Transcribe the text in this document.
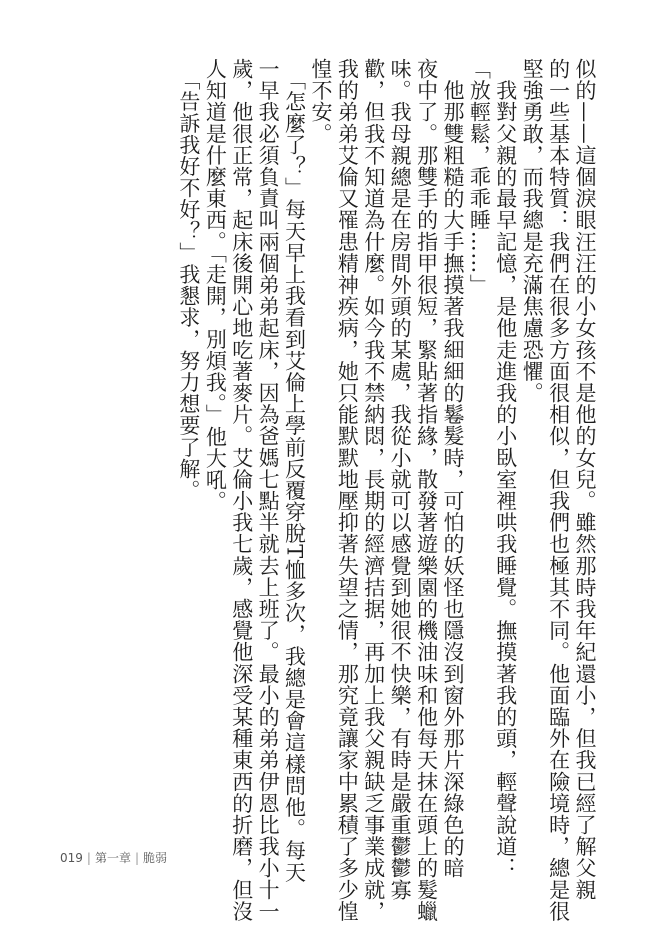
似的——這個淚眼汪汪的小女孩不是他的女兒。雖然那時我年紀還小，但我已經了解父親

的一些基本特質：我們在很多方面很相似，但我們也極其不同。他面臨外在險境時，總是很

堅強勇敢，而我總是充滿焦慮恐懼。

　我對父親的最早記憶，是他走進我的小臥室裡哄我睡覺。撫摸著我的頭，輕聲說道：

「放輕鬆，乖乖睡……」

　他那雙粗糙的大手撫摸著我細細的鬈髮時，可怕的妖怪也隱沒到窗外那片深綠色的暗

夜中了。那雙手的指甲很短，緊貼著指緣，散發著遊樂園的機油味和他每天抹在頭上的髮蠟

味。我母親總是在房間外頭的某處，我從小就可以感覺到她很不快樂，有時是嚴重鬱鬱寡

歡，但我不知道為什麼。如今我不禁納悶，長期的經濟拮据，再加上我父親缺乏事業成就，

我的弟弟艾倫又罹患精神疾病，她只能默默地壓抑著失望之情，那究竟讓家中累積了多少惶

惶不安。

　「怎麼了？」每天早上我看到艾倫上學前反覆穿脫T恤多次，我總是會這樣問他。每天

一早我必須負責叫兩個弟弟起床，因為爸媽七點半就去上班了。最小的弟弟伊恩比我小十一

歲，他很正常，起床後開心地吃著麥片。艾倫小我七歲，感覺他深受某種東西的折磨，但沒

人知道是什麼東西。「走開，別煩我。」他大吼。

　「告訴我好不好？」我懇求，努力想要了解。

019 | 第一章 | 脆弱
